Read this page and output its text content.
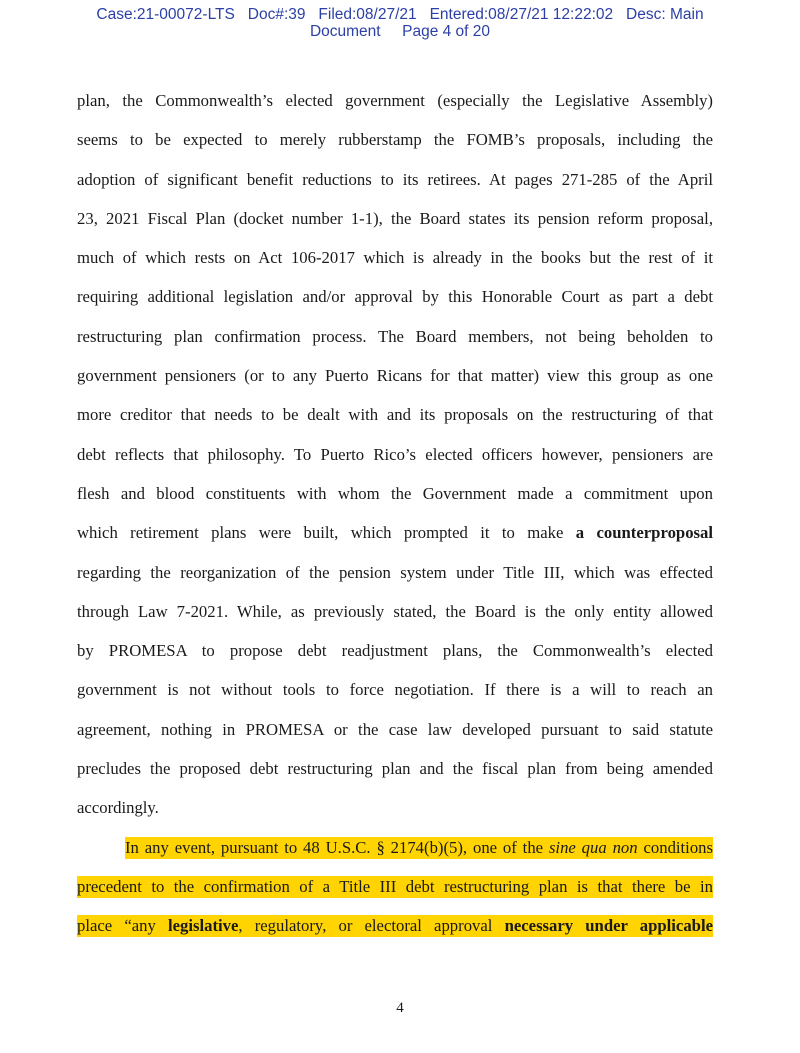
Case:21-00072-LTS   Doc#:39   Filed:08/27/21   Entered:08/27/21 12:22:02   Desc: Main
Document     Page 4 of 20
plan, the Commonwealth’s elected government (especially the Legislative Assembly)
seems to be expected to merely rubberstamp the FOMB’s proposals, including the
adoption of significant benefit reductions to its retirees. At pages 271-285 of the April
23, 2021 Fiscal Plan (docket number 1-1), the Board states its pension reform proposal,
much of which rests on Act 106-2017 which is already in the books but the rest of it
requiring additional legislation and/or approval by this Honorable Court as part a debt
restructuring plan confirmation process. The Board members, not being beholden to
government pensioners (or to any Puerto Ricans for that matter) view this group as one
more creditor that needs to be dealt with and its proposals on the restructuring of that
debt reflects that philosophy. To Puerto Rico’s elected officers however, pensioners are
flesh and blood constituents with whom the Government made a commitment upon
which retirement plans were built, which prompted it to make a counterproposal
regarding the reorganization of the pension system under Title III, which was effected
through Law 7-2021. While, as previously stated, the Board is the only entity allowed
by PROMESA to propose debt readjustment plans, the Commonwealth’s elected
government is not without tools to force negotiation. If there is a will to reach an
agreement, nothing in PROMESA or the case law developed pursuant to said statute
precludes the proposed debt restructuring plan and the fiscal plan from being amended
accordingly.
In any event, pursuant to 48 U.S.C. § 2174(b)(5), one of the sine qua non conditions
precedent to the confirmation of a Title III debt restructuring plan is that there be in
place “any legislative, regulatory, or electoral approval necessary under applicable
4
